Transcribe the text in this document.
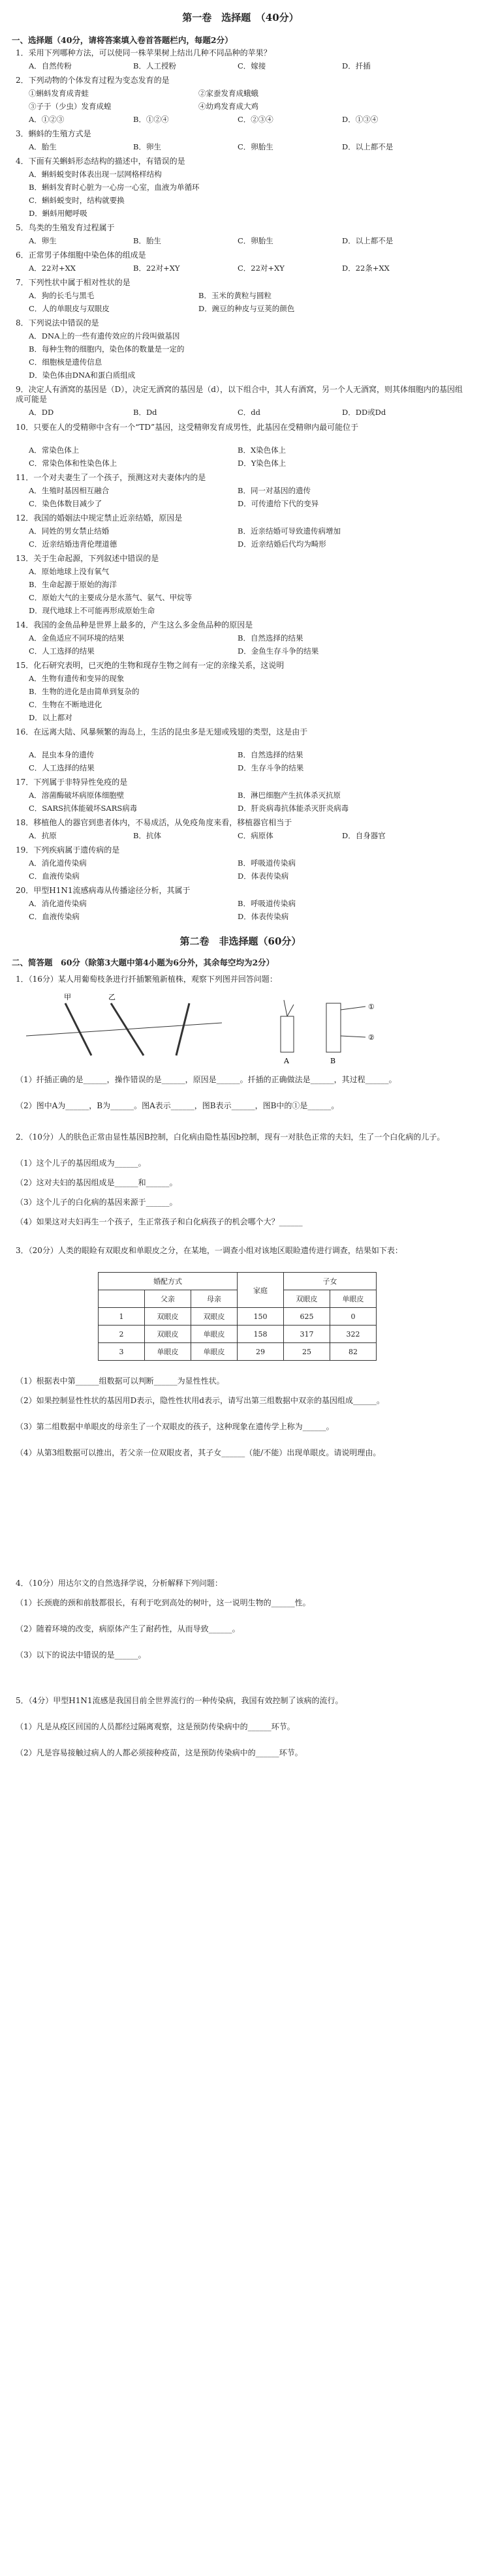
第一卷　选择题　（40分）
一、选择题（40分，请将答案填入卷首答题栏内，每题2分）
1．采用下列哪种方法，可以使同一株苹果树上结出几种不同品种的苹果？
A．自然传粉	B．人工授粉	C．嫁接	D．扦插
2．下列动物的个体发育过程为变态发育的是
①蝌蚪发育成青蛙	②家蚕发育成蛾蛾
③子于（少虫）发育成蝗	④幼鸡发育成大鸡
A．①②③	B．①②④	C．②③④	D．①③④
3．蝌蚪的生殖方式是
A．胎生	B．卵生	C．卵胎生	D．以上都不是
4．下面有关蝌蚪形态结构的描述中，有错误的是
A．蝌蚪蜕变时体表出现一层网格样结构
B．蝌蚪发育时心脏为一心房一心室，血液为单循环
C．蝌蚪蜕变时，结构就要换
D．蝌蚪用鳃呼吸
5．鸟类的生殖发育过程属于
A．卵生	B．胎生	C．卵胎生	D．以上都不是
6．正常男子体细胞中染色体的组成是
A．22对+XX	B．22对+XY	C．22对+XY	D．22条+XX
7．下列性状中属于相对性状的是
A．狗的长毛与黑毛	B．玉米的黄粒与圆粒
C．人的单眼皮与双眼皮	D．豌豆的种皮与豆荚的颜色
8．下列说法中错误的是
A．DNA上的一些有遗传效应的片段叫做基因
B．每种生物的细胞内，染色体的数量是一定的
C．细胞核是遗传信息
D．染色体由DNA和蛋白质组成
9．决定人有酒窝的基因是（D），决定无酒窝的基因是（d），以下组合中，其人有酒窝，另一个人无酒窝，则其体细胞内的基因组成可能是
A．DD	B．Dd	C．dd	D．DD或Dd
10．只要在人的受精卵中含有一个“TD”基因，这受精卵发育成男性，此基因在受精卵内最可能位于
A．常染色体上	B．X染色体上
C．常染色体和性染色体上	D．Y染色体上
11．一个对夫妻生了一个孩子，预测这对夫妻体内的是
A．生殖时基因相互融合	B．同一对基因的遗传
C．染色体数目减少了	D．可传遗给下代的变异
12．我国的婚姻法中规定禁止近亲结婚，原因是
A．同姓的男女禁止结婚	B．近亲结婚可导致遗传病增加
C．近亲结婚违背伦理道德	D．近亲结婚后代均为畸形
13．关于生命起源，下列叙述中错误的是
A．原始地球上没有氧气
B．生命起源于原始的海洋
C．原始大气的主要成分是水蒸气、氨气、甲烷等
D．现代地球上不可能再形成原始生命
14．我国的金鱼品种是世界上最多的，产生这么多金鱼品种的原因是
A．金鱼适应不同环境的结果	B．自然选择的结果
C．人工选择的结果	D．金鱼生存斗争的结果
15．化石研究表明，已灭绝的生物和现存生物之间有一定的亲缘关系，这说明
A．生物有遗传和变异的现象
B．生物的进化是由简单到复杂的
C．生物在不断地进化
D．以上都对
16．在远离大陆、风暴频繁的海岛上，生活的昆虫多是无翅或残翅的类型，这是由于
A．昆虫本身的遗传	B．自然选择的结果
C．人工选择的结果	D．生存斗争的结果
17．下列属于非特异性免疫的是
A．溶菌酶破坏病原体细胞壁	B．淋巴细胞产生抗体杀灭抗原
C．SARS抗体能破坏SARS病毒	D．肝炎病毒抗体能杀灭肝炎病毒
18．移植他人的器官到患者体内，不易成活，从免疫角度来看，移植器官相当于
A．抗原	B．抗体	C．病原体	D．自身器官
19．下列疾病属于遗传病的是
A．消化道传染病	B．呼吸道传染病
C．血液传染病	D．体表传染病
20．甲型H1N1流感病毒从传播途径分析，其属于
A．消化道传染病	B．呼吸道传染病
C．血液传染病	D．体表传染病
第二卷　非选择题（60分）
二、简答题　60分（除第3大题中第4小题为6分外，其余每空均为2分）
1．（16分）某人用葡萄枝条进行扦插繁殖新植株，观察下列图并回答问题：
甲	乙
①
②
A	B
（1）扦插正确的是______，操作错误的是______，原因是______。扦插的正确做法是______，其过程______。
（2）图中A为______，B为______。图A表示______，图B表示______，图B中的①是______。
2．（10分）人的肤色正常由显性基因B控制，白化病由隐性基因b控制，现有一对肤色正常的夫妇，生了一个白化病的儿子。
（1）这个儿子的基因组成为______。
（2）这对夫妇的基因组成是______和______。
（3）这个儿子的白化病的基因来源于______。
（4）如果这对夫妇再生一个孩子，生正常孩子和白化病孩子的机会哪个大？______
3．（20分）人类的眼睑有双眼皮和单眼皮之分，在某地，一调查小组对该地区眼睑遗传进行调查，结果如下表：
婚配方式			家庭	子女	
	父亲	母亲		双眼皮	单眼皮
1	双眼皮	双眼皮	150	625	0
2	双眼皮	单眼皮	158	317	322
3	单眼皮	单眼皮	29	25	82
（1）根据表中第______组数据可以判断______为显性性状。
（2）如果控制显性性状的基因用D表示，隐性性状用d表示，请写出第三组数据中双亲的基因组成______。
（3）第二组数据中单眼皮的母亲生了一个双眼皮的孩子，这种现象在遗传学上称为______。
（4）从第3组数据可以推出，若父亲一位双眼皮者，其子女______（能/不能）出现单眼皮。请说明理由。
4．（10分）用达尔文的自然选择学说，分析解释下列问题：
（1）长颈鹿的颈和前肢都很长，有利于吃到高处的树叶，这一说明生物的______性。
（2）随着环境的改变，病原体产生了耐药性，从而导致______。
（3）以下的说法中错误的是______。
5．（4分）甲型H1N1流感是我国目前全世界流行的一种传染病，我国有效控制了该病的流行。
（1）凡是从疫区回国的人员都经过隔离观察，这是预防传染病中的______环节。
（2）凡是容易接触过病人的人都必须接种疫苗，这是预防传染病中的______环节。
